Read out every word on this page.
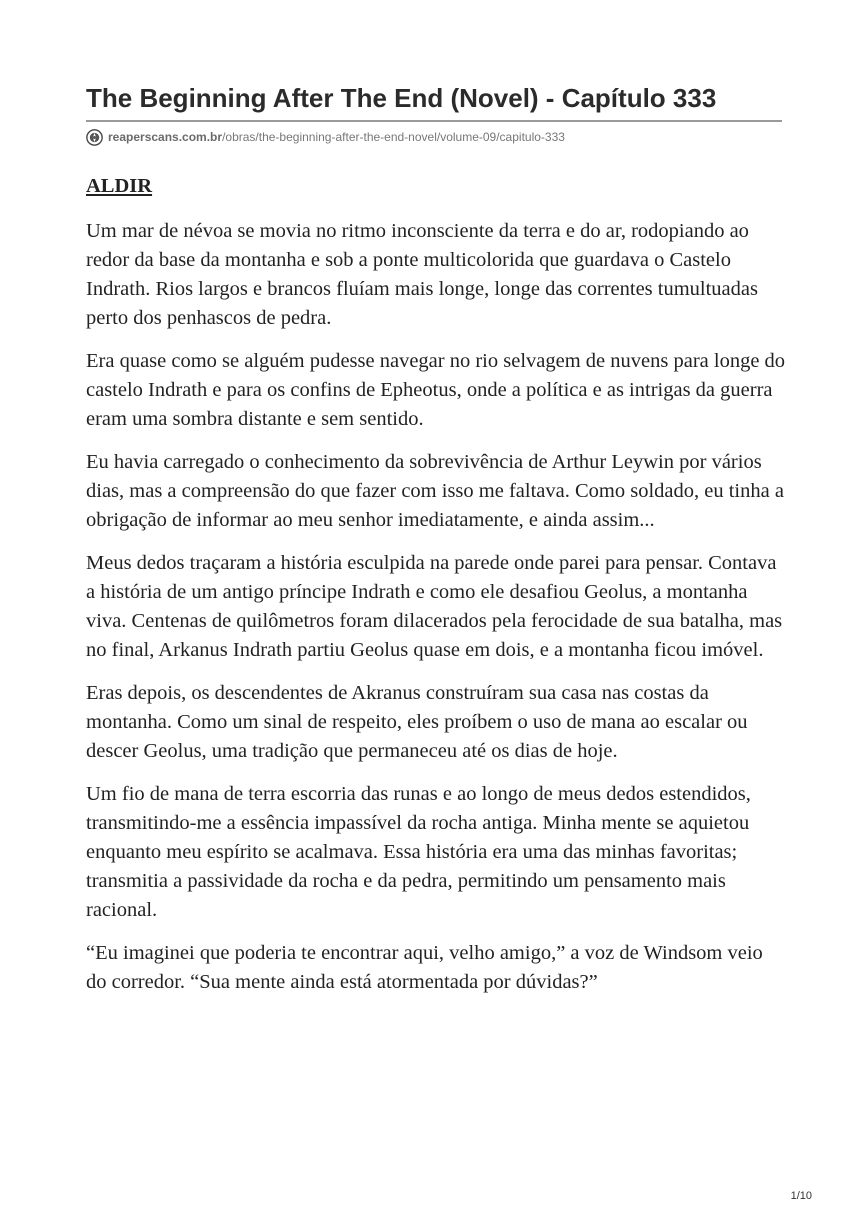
The Beginning After The End (Novel) - Capítulo 333
reaperscans.com.br /obras/the-beginning-after-the-end-novel/volume-09/capitulo-333
ALDIR

Um mar de névoa se movia no ritmo inconsciente da terra e do ar, rodopiando ao redor da base da montanha e sob a ponte multicolorida que guardava o Castelo Indrath. Rios largos e brancos fluíam mais longe, longe das correntes tumultuadas perto dos penhascos de pedra.

Era quase como se alguém pudesse navegar no rio selvagem de nuvens para longe do castelo Indrath e para os confins de Epheotus, onde a política e as intrigas da guerra eram uma sombra distante e sem sentido.

Eu havia carregado o conhecimento da sobrevivência de Arthur Leywin por vários dias, mas a compreensão do que fazer com isso me faltava. Como soldado, eu tinha a obrigação de informar ao meu senhor imediatamente, e ainda assim...

Meus dedos traçaram a história esculpida na parede onde parei para pensar. Contava a história de um antigo príncipe Indrath e como ele desafiou Geolus, a montanha viva. Centenas de quilômetros foram dilacerados pela ferocidade de sua batalha, mas no final, Arkanus Indrath partiu Geolus quase em dois, e a montanha ficou imóvel.

Eras depois, os descendentes de Akranus construíram sua casa nas costas da montanha. Como um sinal de respeito, eles proíbem o uso de mana ao escalar ou descer Geolus, uma tradição que permaneceu até os dias de hoje.

Um fio de mana de terra escorria das runas e ao longo de meus dedos estendidos, transmitindo-me a essência impassível da rocha antiga. Minha mente se aquietou enquanto meu espírito se acalmava. Essa história era uma das minhas favoritas; transmitia a passividade da rocha e da pedra, permitindo um pensamento mais racional.

“Eu imaginei que poderia te encontrar aqui, velho amigo,” a voz de Windsom veio do corredor. “Sua mente ainda está atormentada por dúvidas?”

1/10
